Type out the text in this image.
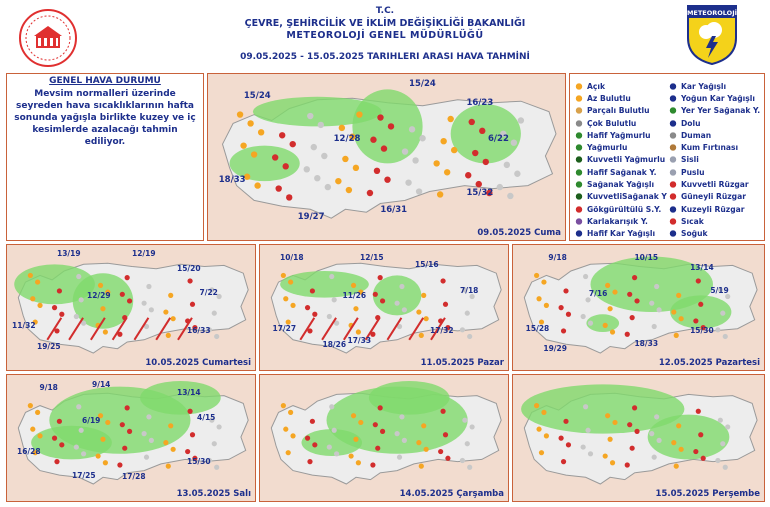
T.C.
ÇEVRE, ŞEHİRCİLİK VE İKLİM DEĞİŞİKLİĞİ BAKANLIĞI
METEOROLOJİ GENEL MÜDÜRLÜĞÜ
09.05.2025 - 15.05.2025 TARIHLERI ARASI HAVA TAHMİNİ
METEOROLOJİ
GENEL HAVA DURUMU
Mevsim normalleri üzerinde seyreden hava sıcaklıklarının hafta sonunda yağışla birlikte kuzey ve iç kesimlerde azalacağı tahmin ediliyor.
Açık
Az Bulutlu
Parçalı Bulutlu
Çok Bulutlu
Hafif Yağmurlu
Yağmurlu
Kuvvetli Yağmurlu
Hafif Sağanak Y.
Sağanak Yağışlı
KuvvetliSağanak Y
Gökgürültülü S.Y.
Karlakarışık Y.
Hafif Kar Yağışlı
Kar Yağışlı
Yoğun Kar Yağışlı
Yer Yer Sağanak Y.
Dolu
Duman
Kum Fırtınası
Sisli
Puslu
Kuvvetli Rüzgar
Güneyli Rüzgar
Kuzeyli Rüzgar
Sıcak
Soğuk
15/24
15/24
16/23
12/28	6/22
18/33
19/27
16/31
15/32
09.05.2025 Cuma
13/19	12/19
15/20
12/29	7/22
11/32
16/33
19/25
10.05.2025 Cumartesi
10/18	12/15
15/16
11/26
7/18
17/27
18/26
17/32
17/33
11.05.2025 Pazar
9/18	10/15
13/14
7/16	5/19
15/28
19/29
18/33
15/30
12.05.2025 Pazartesi
9/18	9/14
13/14
6/19	4/15
16/28
17/25	17/28
15/30
13.05.2025 Salı	14.05.2025 Çarşamba	15.05.2025 Perşembe
